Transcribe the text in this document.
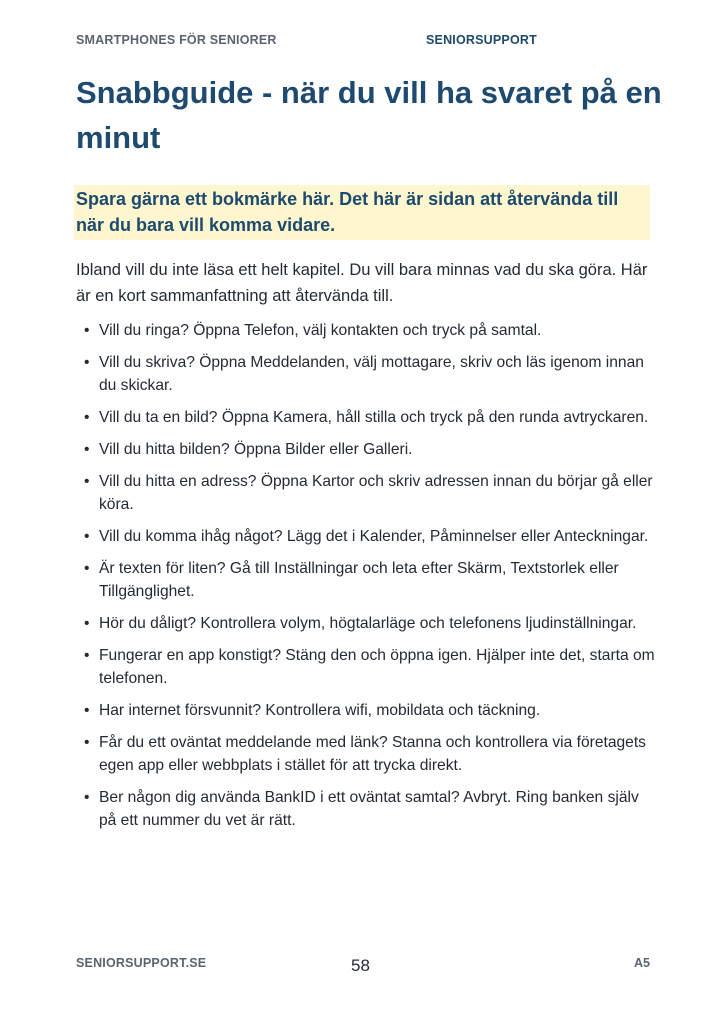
SMARTPHONES FÖR SENIORER	SENIORSUPPORT
Snabbguide - när du vill ha svaret på en minut
Spara gärna ett bokmärke här. Det här är sidan att återvända till när du bara vill komma vidare.

Ibland vill du inte läsa ett helt kapitel. Du vill bara minnas vad du ska göra. Här är en kort sammanfattning att återvända till.

• Vill du ringa? Öppna Telefon, välj kontakten och tryck på samtal.
• Vill du skriva? Öppna Meddelanden, välj mottagare, skriv och läs igenom innan du skickar.
• Vill du ta en bild? Öppna Kamera, håll stilla och tryck på den runda avtryckaren.
• Vill du hitta bilden? Öppna Bilder eller Galleri.
• Vill du hitta en adress? Öppna Kartor och skriv adressen innan du börjar gå eller köra.
• Vill du komma ihåg något? Lägg det i Kalender, Påminnelser eller Anteckningar.
• Är texten för liten? Gå till Inställningar och leta efter Skärm, Textstorlek eller Tillgänglighet.
• Hör du dåligt? Kontrollera volym, högtalarläge och telefonens ljudinställningar.
• Fungerar en app konstigt? Stäng den och öppna igen. Hjälper inte det, starta om telefonen.
• Har internet försvunnit? Kontrollera wifi, mobildata och täckning.
• Får du ett oväntat meddelande med länk? Stanna och kontrollera via företagets egen app eller webbplats i stället för att trycka direkt.
• Ber någon dig använda BankID i ett oväntat samtal? Avbryt. Ring banken själv på ett nummer du vet är rätt.
SENIORSUPPORT.SE	58	A5
